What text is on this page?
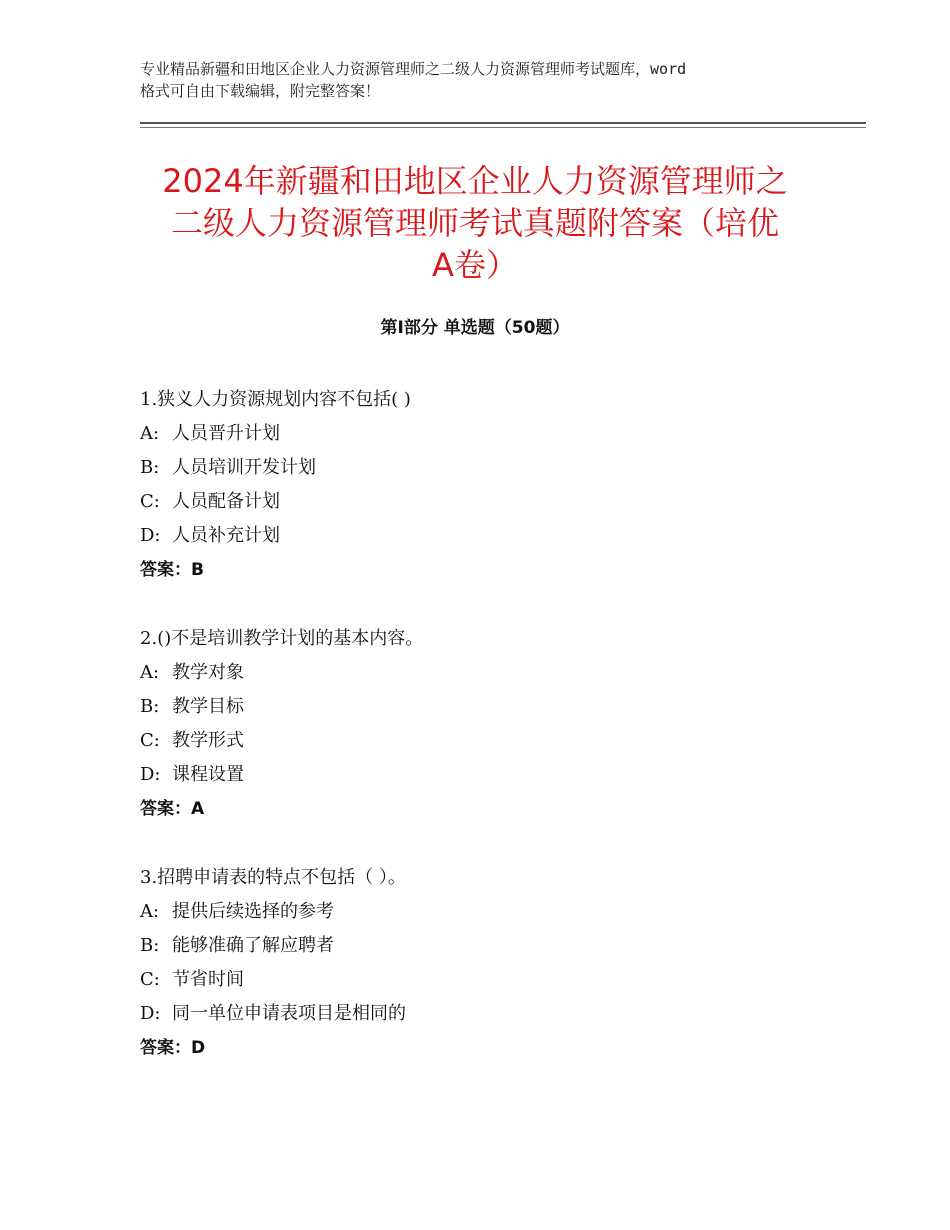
专业精品新疆和田地区企业人力资源管理师之二级人力资源管理师考试题库，word
格式可自由下载编辑，附完整答案！
2024年新疆和田地区企业人力资源管理师之
二级人力资源管理师考试真题附答案（培优
A卷）
第Ⅰ部分 单选题（50题）
1.狭义人力资源规划内容不包括( )
A: 人员晋升计划
B: 人员培训开发计划
C: 人员配备计划
D: 人员补充计划
答案：B
2.()不是培训教学计划的基本内容。
A: 教学对象
B: 教学目标
C: 教学形式
D: 课程设置
答案：A
3.招聘申请表的特点不包括（ ）。
A: 提供后续选择的参考
B: 能够准确了解应聘者
C: 节省时间
D: 同一单位申请表项目是相同的
答案：D
